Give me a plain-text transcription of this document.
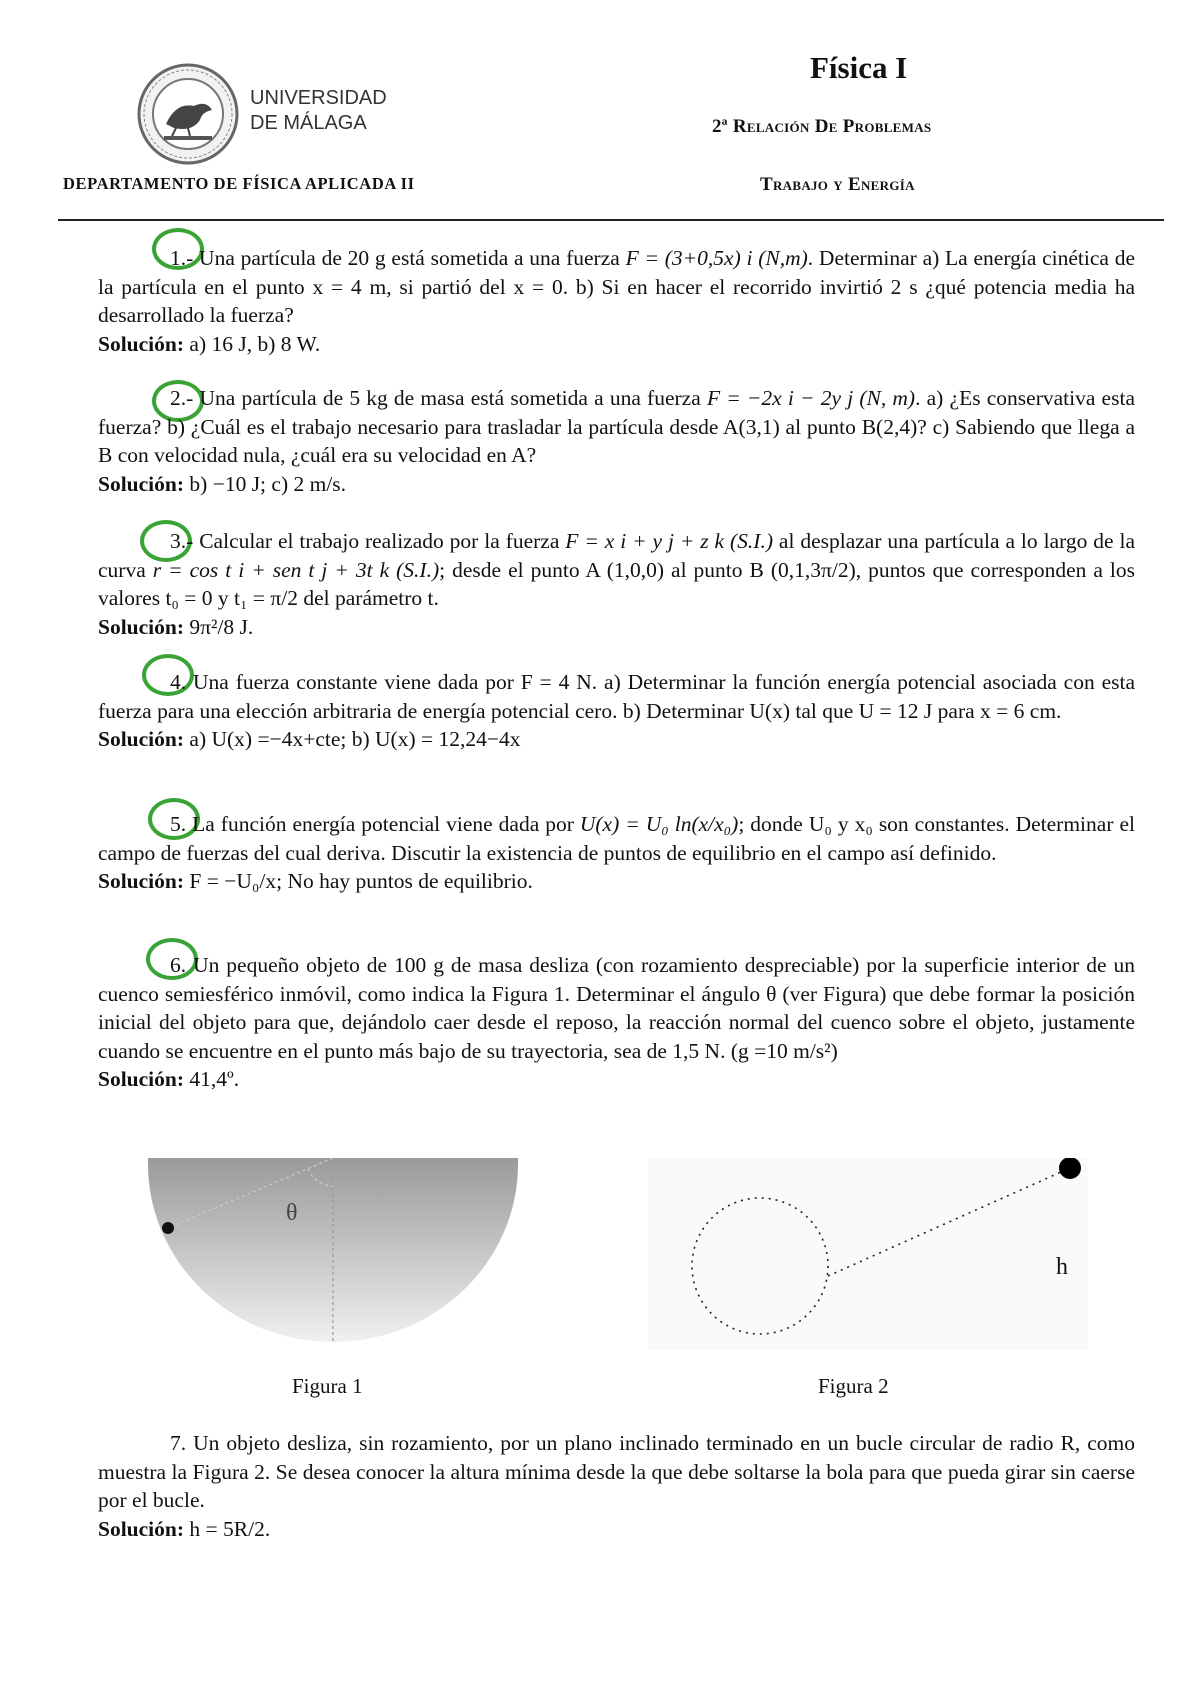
UNIVERSIDAD
DE MÁLAGA
Física I
2ª Relación De Problemas
DEPARTAMENTO DE FÍSICA APLICADA II	Trabajo y Energía

1.- Una partícula de 20 g está sometida a una fuerza F = (3+0,5x) i (N,m). Determinar a) La energía cinética de la partícula en el punto x = 4 m, si partió del x = 0. b) Si en hacer el recorrido invirtió 2 s ¿qué potencia media ha desarrollado la fuerza?

Solución: a) 16 J, b) 8 W.

2.- Una partícula de 5 kg de masa está sometida a una fuerza F = −2x i − 2y j (N, m). a) ¿Es conservativa esta fuerza? b) ¿Cuál es el trabajo necesario para trasladar la partícula desde A(3,1) al punto B(2,4)? c) Sabiendo que llega a B con velocidad nula, ¿cuál era su velocidad en A?

Solución: b) −10 J; c) 2 m/s.

3.- Calcular el trabajo realizado por la fuerza F = x i + y j + z k (S.I.) al desplazar una partícula a lo largo de la curva r = cos t i + sen t j + 3t k (S.I.); desde el punto A (1,0,0) al punto B (0,1,3π/2), puntos que corresponden a los valores t₀ = 0 y t₁ = π/2 del parámetro t.

Solución: 9π²/8 J.

4. Una fuerza constante viene dada por F = 4 N. a) Determinar la función energía potencial asociada con esta fuerza para una elección arbitraria de energía potencial cero. b) Determinar U(x) tal que U = 12 J para x = 6 cm.

Solución: a) U(x) =−4x+cte; b) U(x) = 12,24−4x

5. La función energía potencial viene dada por U(x) = U₀ ln(x/x₀); donde U₀ y x₀ son constantes. Determinar el campo de fuerzas del cual deriva. Discutir la existencia de puntos de equilibrio en el campo así definido.

Solución: F = −U₀/x; No hay puntos de equilibrio.

6. Un pequeño objeto de 100 g de masa desliza (con rozamiento despreciable) por la superficie interior de un cuenco semiesférico inmóvil, como indica la Figura 1. Determinar el ángulo θ (ver Figura) que debe formar la posición inicial del objeto para que, dejándolo caer desde el reposo, la reacción normal del cuenco sobre el objeto, justamente cuando se encuentre en el punto más bajo de su trayectoria, sea de 1,5 N. (g =10 m/s²)

Solución: 41,4º.

θ
Figura 1
h
Figura 2

7. Un objeto desliza, sin rozamiento, por un plano inclinado terminado en un bucle circular de radio R, como muestra la Figura 2. Se desea conocer la altura mínima desde la que debe soltarse la bola para que pueda girar sin caerse por el bucle.

Solución: h = 5R/2.
